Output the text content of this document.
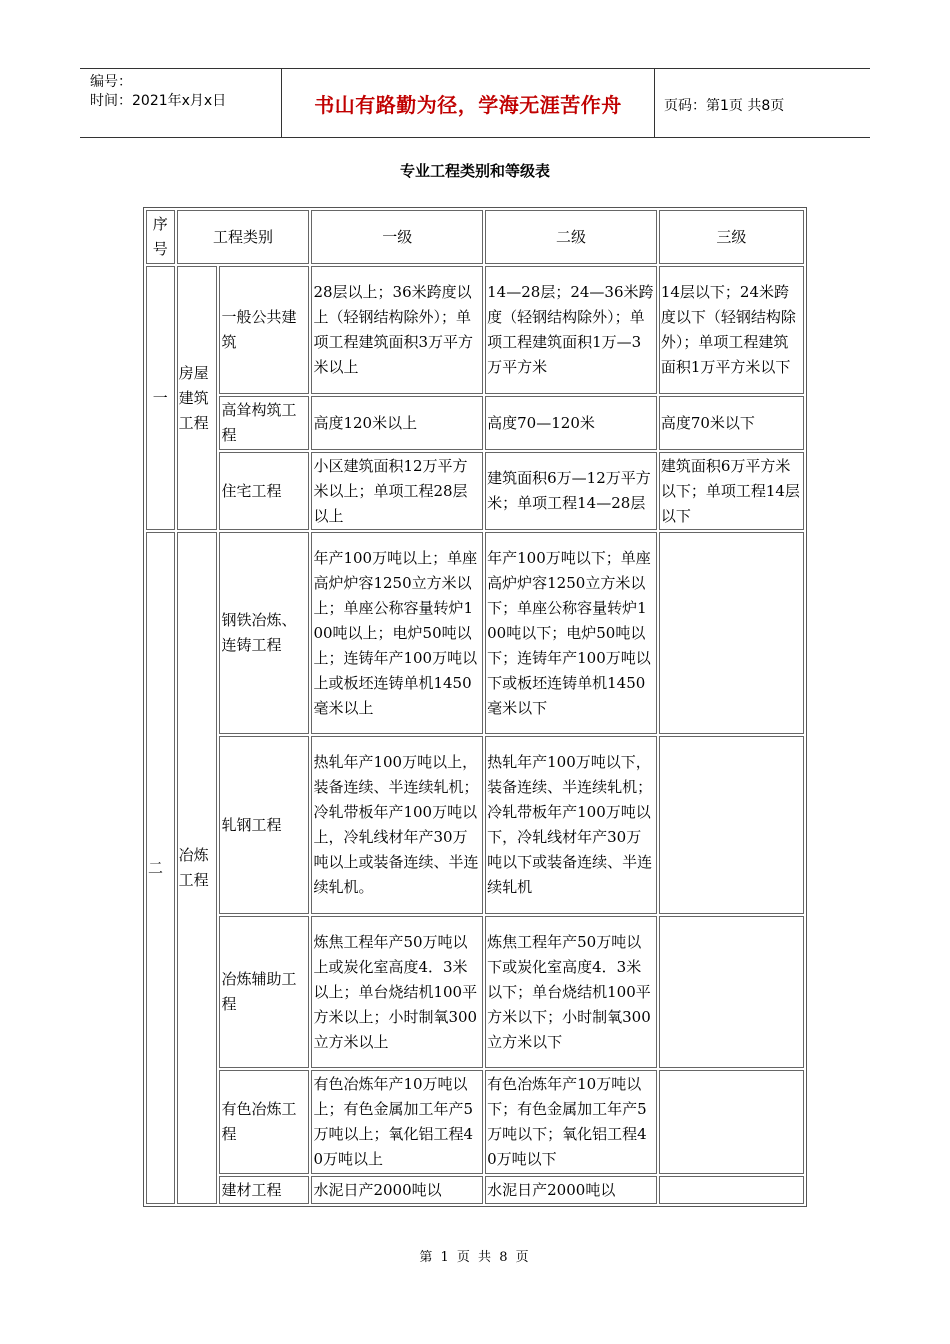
编号：
时间：2021年x月x日	书山有路勤为径，学海无涯苦作舟	页码：第1页 共8页
专业工程类别和等级表
序号	工程类别		一级	二级	三级
一	房屋建筑工程	一般公共建筑	28层以上；36米跨度以上（轻钢结构除外）；单项工程建筑面积3万平方米以上	14—28层；24—36米跨度（轻钢结构除外）；单项工程建筑面积1万—3万平方米	14层以下；24米跨度以下（轻钢结构除外）；单项工程建筑面积1万平方米以下
		高耸构筑工程	高度120米以上	高度70—120米	高度70米以下
		住宅工程	小区建筑面积12万平方米以上；单项工程28层以上	建筑面积6万—12万平方米；单项工程14—28层	建筑面积6万平方米以下；单项工程14层以下
二	冶炼工程	钢铁冶炼、连铸工程	年产100万吨以上；单座高炉炉容1250立方米以上；单座公称容量转炉100吨以上；电炉50吨以上；连铸年产100万吨以上或板坯连铸单机1450毫米以上	年产100万吨以下；单座高炉炉容1250立方米以下；单座公称容量转炉100吨以下；电炉50吨以下；连铸年产100万吨以下或板坯连铸单机1450毫米以下	
		轧钢工程	热轧年产100万吨以上，装备连续、半连续轧机；冷轧带板年产100万吨以上，冷轧线材年产30万吨以上或装备连续、半连续轧机。	热轧年产100万吨以下，装备连续、半连续轧机；冷轧带板年产100万吨以下，冷轧线材年产30万吨以下或装备连续、半连续轧机	
		冶炼辅助工程	炼焦工程年产50万吨以上或炭化室高度4．3米以上；单台烧结机100平方米以上；小时制氧300立方米以上	炼焦工程年产50万吨以下或炭化室高度4．3米以下；单台烧结机100平方米以下；小时制氧300立方米以下	
		有色冶炼工程	有色冶炼年产10万吨以上；有色金属加工年产5万吨以上；氧化铝工程40万吨以上	有色冶炼年产10万吨以下；有色金属加工年产5万吨以下；氧化铝工程40万吨以下	
		建材工程	水泥日产2000吨以	水泥日产2000吨以	
第 1 页 共 8 页
